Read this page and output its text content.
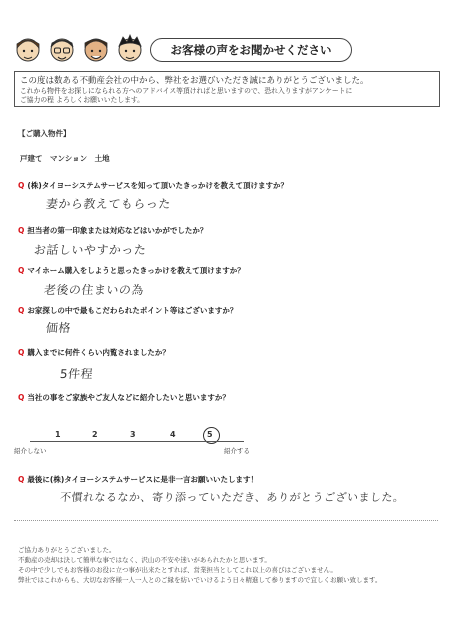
お客様の声をお聞かせください
この度は数ある不動産会社の中から、弊社をお選びいただき誠にありがとうございました。
これから物件をお探しになられる方へのアドバイス等頂ければと思いますので、恐れ入りますがアンケートに
ご協力の程 よろしくお願いいたします。
【ご購入物件】
戸建て　マンション　土地
Q (株)タイヨーシステムサービスを知って頂いたきっかけを教えて頂けますか？
妻から教えてもらった
Q 担当者の第一印象または対応などはいかがでしたか？
お話しいやすかった
Q マイホーム購入をしようと思ったきっかけを教えて頂けますか？
老後の住まいの為
Q お家探しの中で最もこだわられたポイント等はございますか？
価格
Q 購入までに何件くらい内覧されましたか？
5件程
Q 当社の事をご家族やご友人などに紹介したいと思いますか？
1	2	3	4	5
紹介しない	紹介する
Q 最後に(株)タイヨーシステムサービスに是非一言お願いいたします！
不慣れなるなか、寄り添っていただき、ありがとうございました。
ご協力ありがとうございました。
不動産の売却は決して簡単な事ではなく、沢山の不安や迷いがあられたかと思います。
その中で少しでもお客様のお役に立つ事が出来たとすれば、営業担当としてこれ以上の喜びはございません。
弊社ではこれからも、大切なお客様一人一人とのご縁を紡いでいけるよう日々精進して参りますので宜しくお願い致します。
